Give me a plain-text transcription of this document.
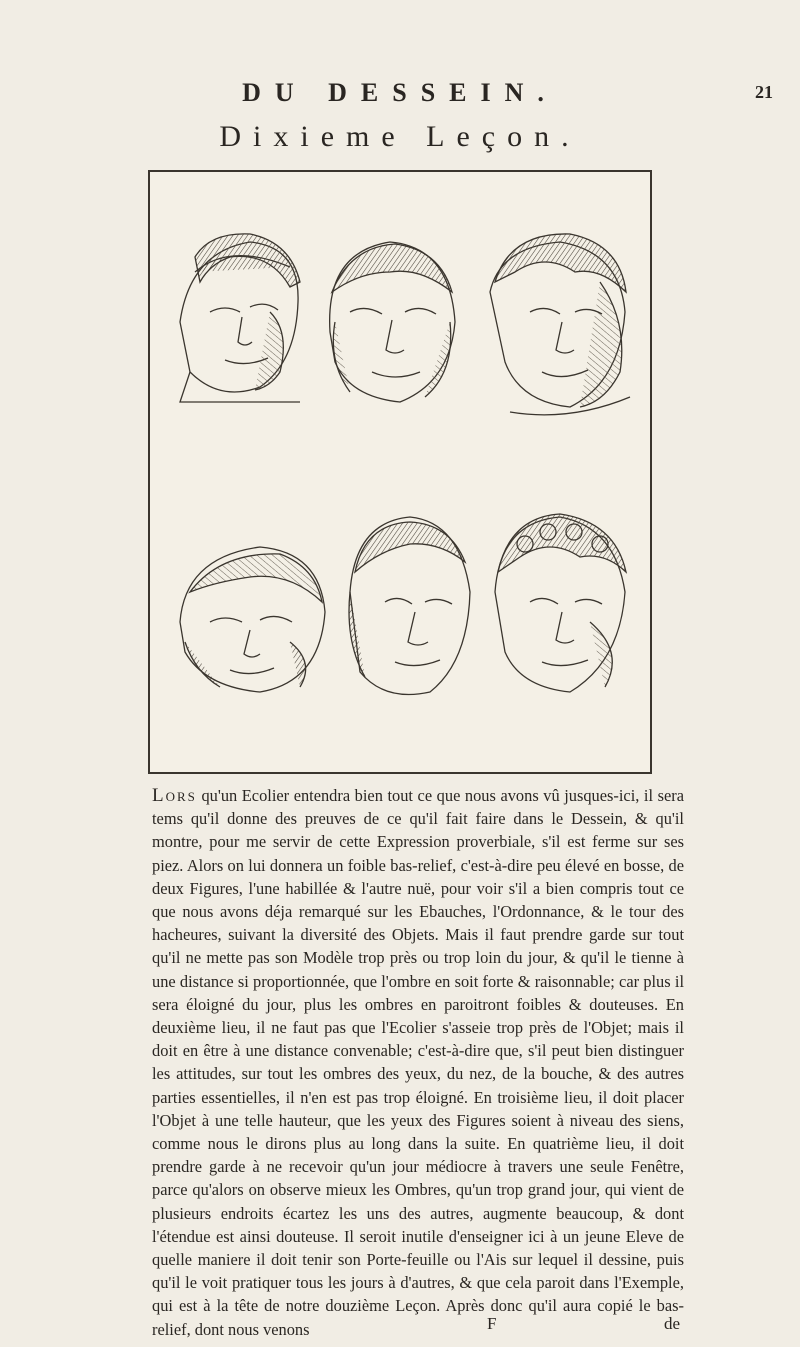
DU DESSEIN.	21
Dixieme Leçon.

Lors qu'un Ecolier entendra bien tout ce que nous avons vû jusques-ici, il sera tems qu'il donne des preuves de ce qu'il fait faire dans le Dessein, & qu'il montre, pour me servir de cette Expression proverbiale, s'il est ferme sur ses piez. Alors on lui donnera un foible bas-relief, c'est-à-dire peu élevé en bosse, de deux Figures, l'une habillée & l'autre nuë, pour voir s'il a bien compris tout ce que nous avons déja remarqué sur les Ebauches, l'Ordonnance, & le tour des hacheures, suivant la diversité des Objets. Mais il faut prendre garde sur tout qu'il ne mette pas son Modèle trop près ou trop loin du jour, & qu'il le tienne à une distance si proportionnée, que l'ombre en soit forte & raisonnable; car plus il sera éloigné du jour, plus les ombres en paroitront foibles & douteuses. En deuxième lieu, il ne faut pas que l'Ecolier s'asseie trop près de l'Objet; mais il doit en être à une distance convenable; c'est-à-dire que, s'il peut bien distinguer les attitudes, sur tout les ombres des yeux, du nez, de la bouche, & des autres parties essentielles, il n'en est pas trop éloigné. En troisième lieu, il doit placer l'Objet à une telle hauteur, que les yeux des Figures soient à niveau des siens, comme nous le dirons plus au long dans la suite. En quatrième lieu, il doit prendre garde à ne recevoir qu'un jour médiocre à travers une seule Fenêtre, parce qu'alors on observe mieux les Ombres, qu'un trop grand jour, qui vient de plusieurs endroits écartez les uns des autres, augmente beaucoup, & dont l'étendue est ainsi douteuse. Il seroit inutile d'enseigner ici à un jeune Eleve de quelle maniere il doit tenir son Porte-feuille ou l'Ais sur lequel il dessine, puis qu'il le voit pratiquer tous les jours à d'autres, & que cela paroit dans l'Exemple, qui est à la tête de notre douzième Leçon. Après donc qu'il aura copié le bas-relief, dont nous venons	F	de
